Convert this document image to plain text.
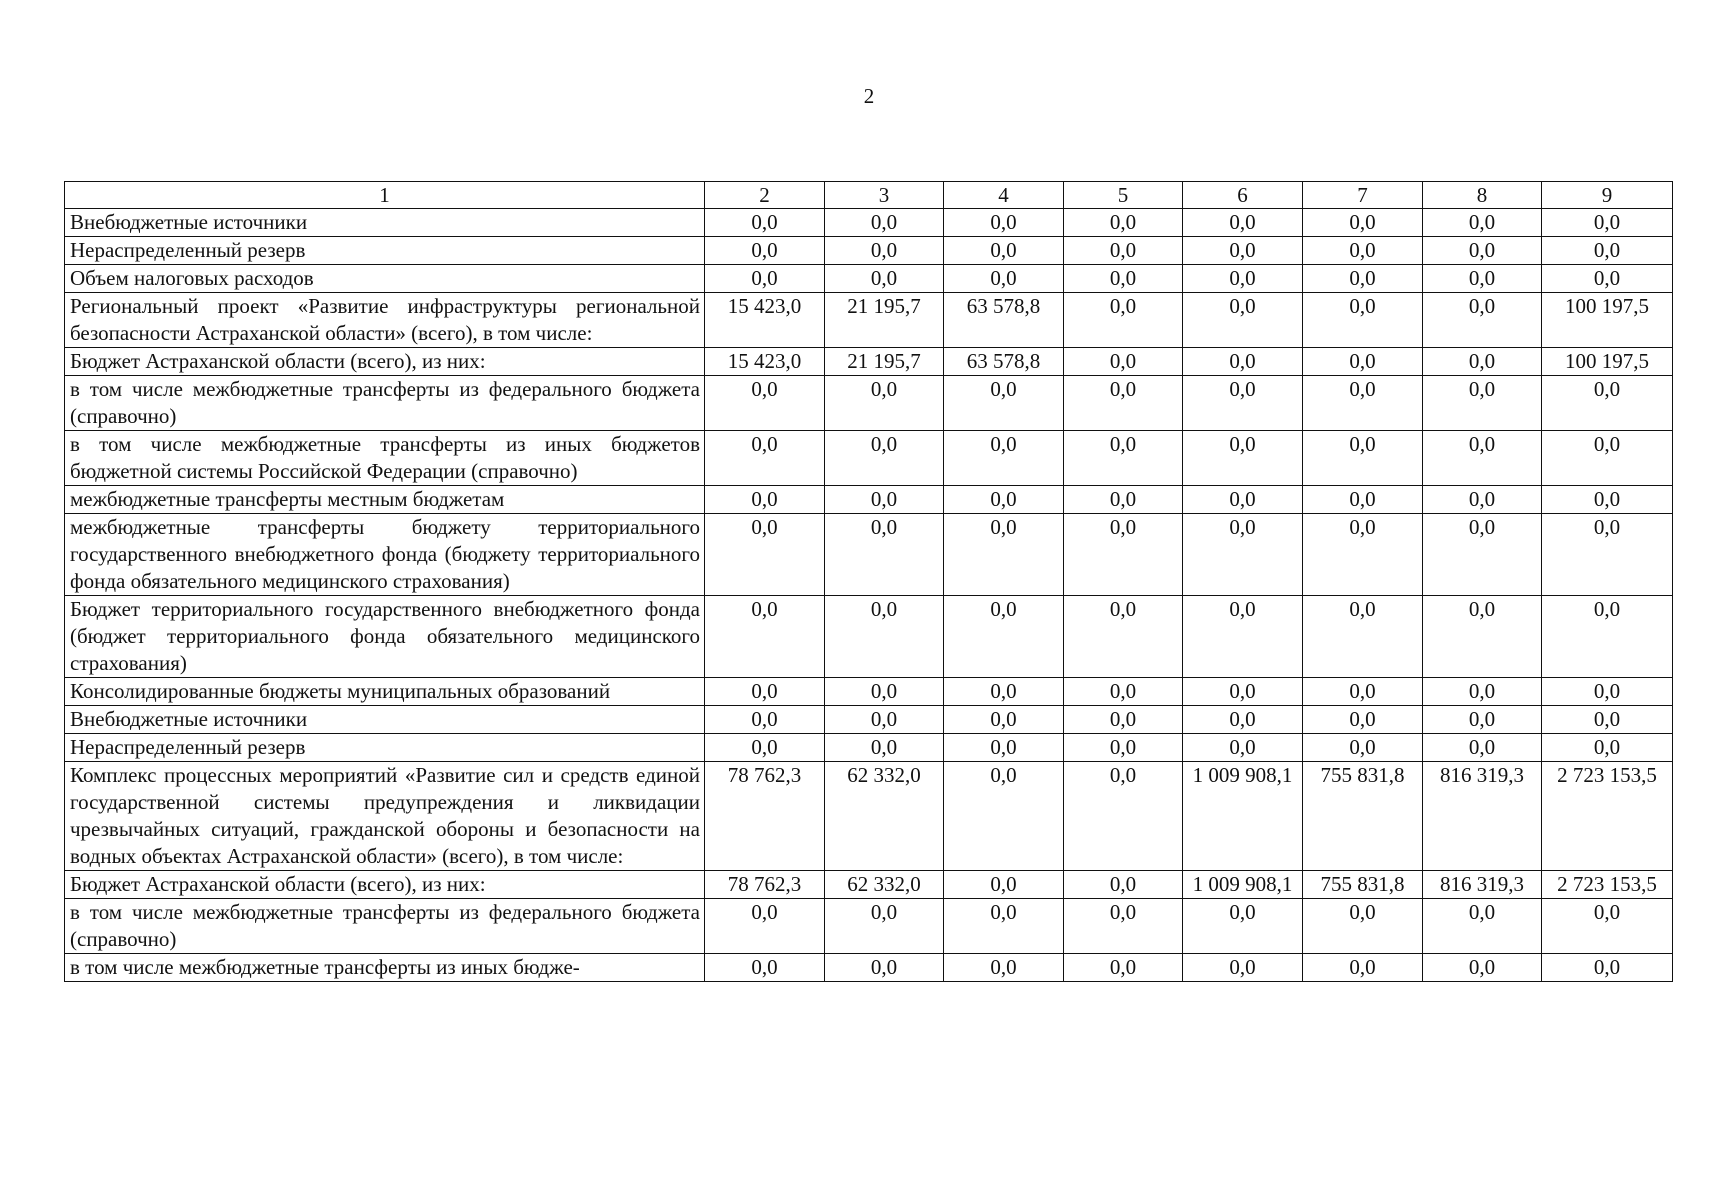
2
1	2	3	4	5	6	7	8	9
Внебюджетные источники	0,0	0,0	0,0	0,0	0,0	0,0	0,0	0,0
Нераспределенный резерв	0,0	0,0	0,0	0,0	0,0	0,0	0,0	0,0
Объем налоговых расходов	0,0	0,0	0,0	0,0	0,0	0,0	0,0	0,0
Региональный проект «Развитие инфраструктуры региональной безопасности Астраханской области» (всего), в том числе:	15 423,0	21 195,7	63 578,8	0,0	0,0	0,0	0,0	100 197,5
Бюджет Астраханской области (всего), из них:	15 423,0	21 195,7	63 578,8	0,0	0,0	0,0	0,0	100 197,5
в том числе межбюджетные трансферты из федерального бюджета (справочно)	0,0	0,0	0,0	0,0	0,0	0,0	0,0	0,0
в том числе межбюджетные трансферты из иных бюджетов бюджетной системы Российской Федерации (справочно)	0,0	0,0	0,0	0,0	0,0	0,0	0,0	0,0
межбюджетные трансферты местным бюджетам	0,0	0,0	0,0	0,0	0,0	0,0	0,0	0,0
межбюджетные трансферты бюджету территориального государственного внебюджетного фонда (бюджету территориального фонда обязательного медицинского страхования)	0,0	0,0	0,0	0,0	0,0	0,0	0,0	0,0
Бюджет территориального государственного внебюджетного фонда (бюджет территориального фонда обязательного медицинского страхования)	0,0	0,0	0,0	0,0	0,0	0,0	0,0	0,0
Консолидированные бюджеты муниципальных образований	0,0	0,0	0,0	0,0	0,0	0,0	0,0	0,0
Внебюджетные источники	0,0	0,0	0,0	0,0	0,0	0,0	0,0	0,0
Нераспределенный резерв	0,0	0,0	0,0	0,0	0,0	0,0	0,0	0,0
Комплекс процессных мероприятий «Развитие сил и средств единой государственной системы предупреждения и ликвидации чрезвычайных ситуаций, гражданской обороны и безопасности на водных объектах Астраханской области» (всего), в том числе:	78 762,3	62 332,0	0,0	0,0	1 009 908,1	755 831,8	816 319,3	2 723 153,5
Бюджет Астраханской области (всего), из них:	78 762,3	62 332,0	0,0	0,0	1 009 908,1	755 831,8	816 319,3	2 723 153,5
в том числе межбюджетные трансферты из федерального бюджета (справочно)	0,0	0,0	0,0	0,0	0,0	0,0	0,0	0,0
в том числе межбюджетные трансферты из иных бюдже-	0,0	0,0	0,0	0,0	0,0	0,0	0,0	0,0
